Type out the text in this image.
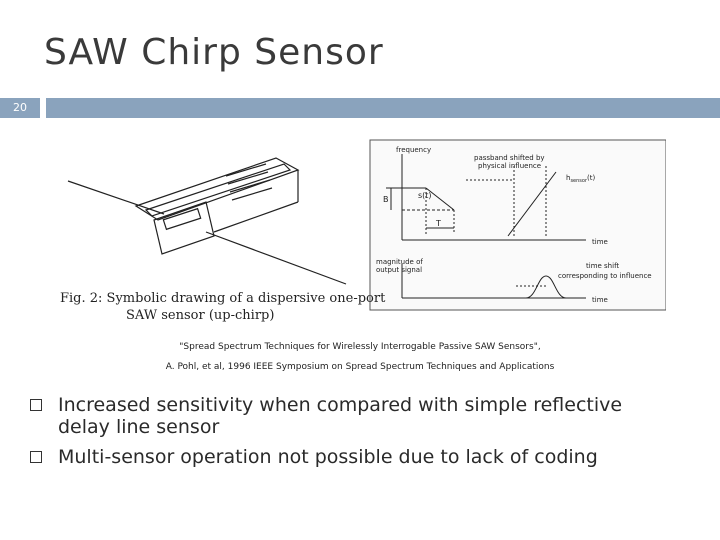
SAW Chirp Sensor
20
frequency
passband shifted by
physical influence
$h_{sensor}(t)$
s(t)
B
T
time
magnitude of
output signal	time shift
corresponding to influence
time
Fig. 2: Symbolic drawing of a dispersive one-port
SAW sensor (up-chirp)
"Spread Spectrum Techniques for Wirelessly Interrogable Passive SAW Sensors",
A. Pohl, et al, 1996 IEEE Symposium on Spread Spectrum Techniques and Applications
Increased sensitivity when compared with simple reflective delay line sensor
Multi-sensor operation not possible due to lack of coding
